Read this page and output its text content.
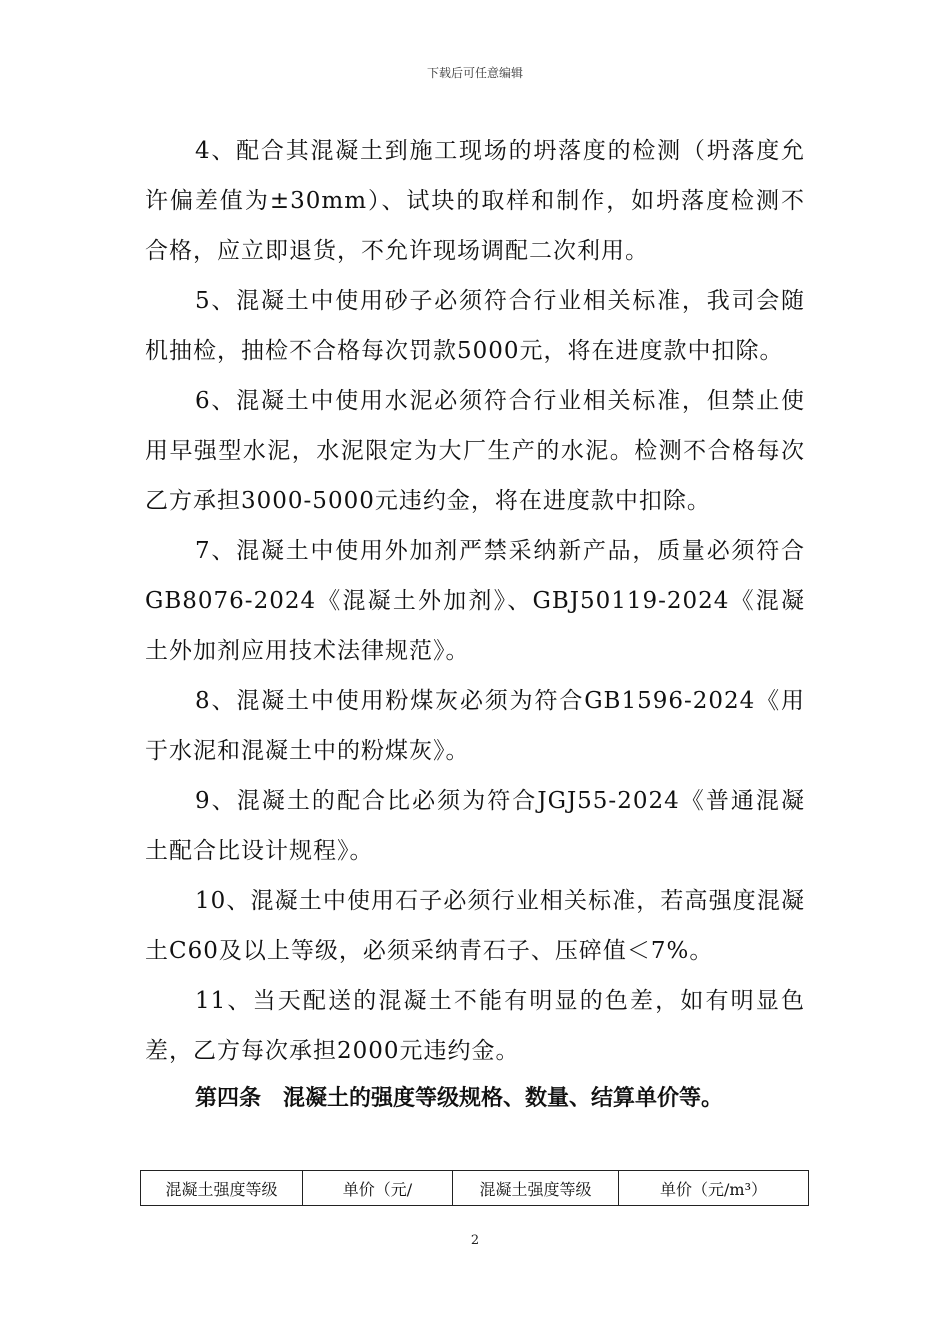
下载后可任意编辑

4、配合其混凝土到施工现场的坍落度的检测（坍落度允许偏差值为±30mm）、试块的取样和制作，如坍落度检测不合格，应立即退货，不允许现场调配二次利用。

5、混凝土中使用砂子必须符合行业相关标准，我司会随机抽检，抽检不合格每次罚款5000元，将在进度款中扣除。

6、混凝土中使用水泥必须符合行业相关标准，但禁止使用早强型水泥，水泥限定为大厂生产的水泥。检测不合格每次乙方承担3000-5000元违约金，将在进度款中扣除。

7、混凝土中使用外加剂严禁采纳新产品，质量必须符合GB8076-2024《混凝土外加剂》、GBJ50119-2024《混凝土外加剂应用技术法律规范》。

8、混凝土中使用粉煤灰必须为符合GB1596-2024《用于水泥和混凝土中的粉煤灰》。

9、混凝土的配合比必须为符合JGJ55-2024《普通混凝土配合比设计规程》。

10、混凝土中使用石子必须行业相关标准，若高强度混凝土C60及以上等级，必须采纳青石子、压碎值＜7%。

11、当天配送的混凝土不能有明显的色差，如有明显色差，乙方每次承担2000元违约金。

第四条　混凝土的强度等级规格、数量、结算单价等。

混凝土强度等级	单价（元/	混凝土强度等级	单价（元/m³）
2
